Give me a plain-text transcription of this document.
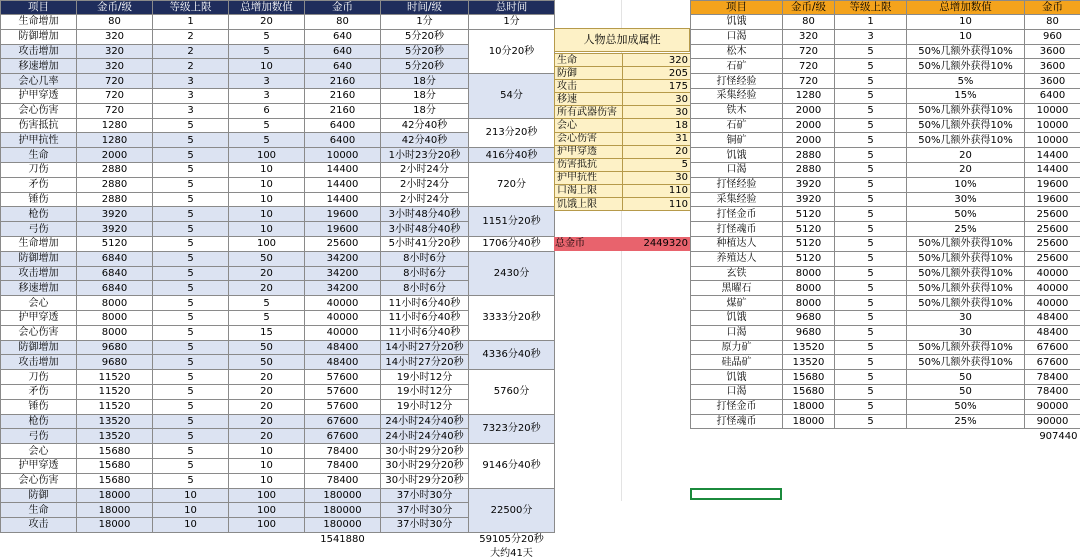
项目	金币/级	等级上限	总增加数值	金币	时间/级	总时间
生命增加	80	1	20	80	1分	1分
防御增加	320	2	5	640	5分20秒	10分20秒
攻击增加	320	2	5	640	5分20秒	
移速增加	320	2	10	640	5分20秒	
会心几率	720	3	3	2160	18分	54分
护甲穿透	720	3	3	2160	18分	
会心伤害	720	3	6	2160	18分	
伤害抵抗	1280	5	5	6400	42分40秒	213分20秒
护甲抗性	1280	5	5	6400	42分40秒	
生命	2000	5	100	10000	1小时23分20秒	416分40秒
刀伤	2880	5	10	14400	2小时24分	720分
矛伤	2880	5	10	14400	2小时24分	
锤伤	2880	5	10	14400	2小时24分	
枪伤	3920	5	10	19600	3小时48分40秒	1151分20秒
弓伤	3920	5	10	19600	3小时48分40秒	
生命增加	5120	5	100	25600	5小时41分20秒	1706分40秒
防御增加	6840	5	50	34200	8小时6分	2430分
攻击增加	6840	5	20	34200	8小时6分	
移速增加	6840	5	20	34200	8小时6分	
会心	8000	5	5	40000	11小时6分40秒	3333分20秒
护甲穿透	8000	5	5	40000	11小时6分40秒	
会心伤害	8000	5	15	40000	11小时6分40秒	
防御增加	9680	5	50	48400	14小时27分20秒	4336分40秒
攻击增加	9680	5	50	48400	14小时27分20秒	
刀伤	11520	5	20	57600	19小时12分	5760分
矛伤	11520	5	20	57600	19小时12分	
锤伤	11520	5	20	57600	19小时12分	
枪伤	13520	5	20	67600	24小时24分40秒	7323分20秒
弓伤	13520	5	20	67600	24小时24分40秒	
会心	15680	5	10	78400	30小时29分20秒	9146分40秒
护甲穿透	15680	5	10	78400	30小时29分20秒	
会心伤害	15680	5	10	78400	30小时29分20秒	
防御	18000	10	100	180000	37小时30分	22500分
生命	18000	10	100	180000	37小时30分	
攻击	18000	10	100	180000	37小时30分	
				1541880		59105分20秒
						大约41天
人物总加成属性
生命	320
防御	205
攻击	175
移速	30
所有武器伤害	30
会心	18
会心伤害	31
护甲穿透	20
伤害抵抗	5
护甲抗性	30
口渴上限	110
饥饿上限	110
总金币	2449320
项目	金币/级	等级上限	总增加数值	金币
饥饿	80	1	10	80
口渴	320	3	10	960
松木	720	5	50%几额外获得10%	3600
石矿	720	5	50%几额外获得10%	3600
打怪经验	720	5	5%	3600
采集经验	1280	5	15%	6400
铁木	2000	5	50%几额外获得10%	10000
石矿	2000	5	50%几额外获得10%	10000
铜矿	2000	5	50%几额外获得10%	10000
饥饿	2880	5	20	14400
口渴	2880	5	20	14400
打怪经验	3920	5	10%	19600
采集经验	3920	5	30%	19600
打怪金币	5120	5	50%	25600
打怪魂币	5120	5	25%	25600
种植达人	5120	5	50%几额外获得10%	25600
养殖达人	5120	5	50%几额外获得10%	25600
玄铁	8000	5	50%几额外获得10%	40000
黑曜石	8000	5	50%几额外获得10%	40000
煤矿	8000	5	50%几额外获得10%	40000
饥饿	9680	5	30	48400
口渴	9680	5	30	48400
原力矿	13520	5	50%几额外获得10%	67600
硅晶矿	13520	5	50%几额外获得10%	67600
饥饿	15680	5	50	78400
口渴	15680	5	50	78400
打怪金币	18000	5	50%	90000
打怪魂币	18000	5	25%	90000
				907440
